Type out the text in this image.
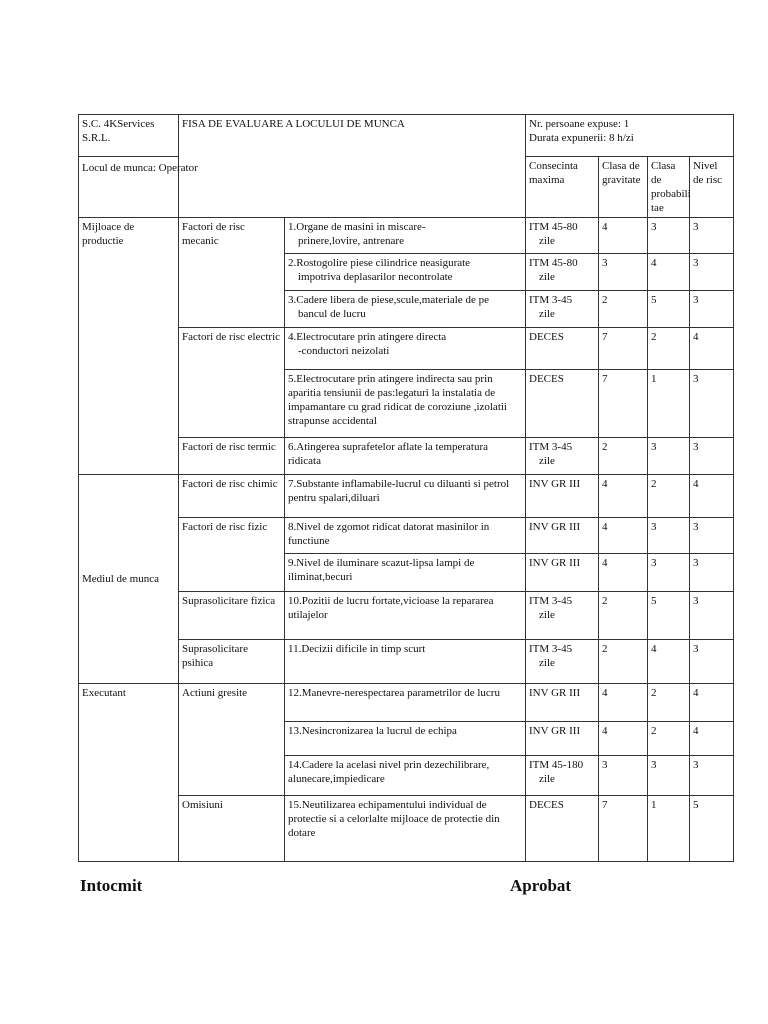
S.C. 4KServices S.R.L.	FISA DE EVALUARE A LOCULUI DE MUNCA		Nr. persoane expuse: 1
Durata expunerii: 8 h/zi			

Locul de munca: Operator			Consecinta maxima	Clasa de gravitate	Clasa de
probabili
tae	Nivel de risc
Mijloace de productie	Factori de risc mecanic	1.Organe de masini in miscare-
prinere,lovire, antrenare	ITM 45-80
zile	4	3	3

		2.Rostogolire piese cilindrice neasigurate
impotriva deplasarilor necontrolate	ITM 45-80
zile	3	4	3

		3.Cadere libera de piese,scule,materiale de pe
bancul de lucru	ITM 3-45
zile	2	5	3
	Factori de risc electric	4.Electrocutare prin atingere directa
-conductori neizolati	DECES	7	2	4
		5.Electrocutare prin atingere indirecta sau prin aparitia tensiunii de pas:legaturi la instalatia de impamantare cu grad ridicat de coroziune ,izolatii strapunse accidental	DECES	7	1	3
	Factori de risc termic	6.Atingerea suprafetelor aflate la temperatura ridicata	ITM 3-45
zile	2	3	3
Mediul de munca	Factori de risc chimic	7.Substante inflamabile-lucrul cu diluanti si petrol pentru spalari,diluari	INV GR III	4	2	4
	Factori de risc fizic	8.Nivel de zgomot ridicat datorat masinilor in functiune	INV GR III	4	3	3
		9.Nivel de iluminare scazut-lipsa lampi de iliminat,becuri	INV GR III	4	3	3
	Suprasolicitare fizica	10.Pozitii de lucru fortate,vicioase la repararea utilajelor	ITM 3-45
zile	2	5	3
	Suprasolicitare psihica	11.Decizii dificile in timp scurt	ITM 3-45
zile	2	4	3
Executant	Actiuni gresite	12.Manevre-nerespectarea parametrilor de lucru	INV GR III	4	2	4
		13.Nesincronizarea la lucrul de echipa	INV GR III	4	2	4
		14.Cadere la acelasi nivel prin dezechilibrare, alunecare,impiedicare	ITM 45-180
zile	3	3	3
	Omisiuni	15.Neutilizarea echipamentului individual de protectie si a celorlalte mijloace de protectie din dotare	DECES	7	1	5
Intocmit	Aprobat
